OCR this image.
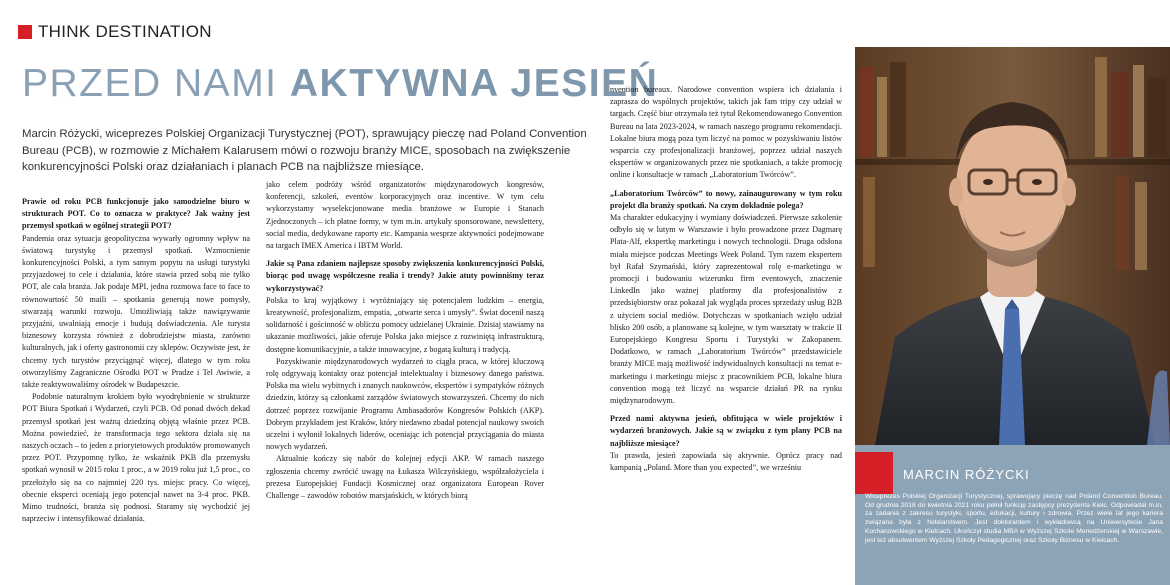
THINK DESTINATION
PRZED NAMI AKTYWNA JESIEŃ

Marcin Różycki, wiceprezes Polskiej Organizacji Turystycznej (POT), sprawujący pieczę nad Poland Convention Bureau (PCB), w rozmowie z Michałem Kalarusem mówi o rozwoju branży MICE, sposobach na zwiększenie konkurencyjności Polski oraz działaniach i planach PCB na najbliższe miesiące.

Prawie od roku PCB funkcjonuje jako samodzielne biuro w strukturach POT. Co to oznacza w praktyce? Jak ważny jest przemysł spotkań w ogólnej strategii POT?

Pandemia oraz sytuacja geopolityczna wywarły ogromny wpływ na światową turystykę i przemysł spotkań. Wzmocnienie konkurencyjności Polski, a tym samym popytu na usługi turystyki przyjazdowej to cele i działania, które stawia przed sobą nie tylko POT, ale cała branża. Jak podaje MPI, jedna rozmowa face to face to równowartość 50 maili – spotkania generują nowe pomysły, stwarzają warunki rozwoju. Umożliwiają także nawiązywanie przyjaźni, uwalniają emocje i budują doświadczenia. Ale turysta biznesowy korzysta również z dobrodziejstw miasta, zarówno kulturalnych, jak i oferty gastronomii czy sklepów. Oczywiste jest, że chcemy tych turystów przyciągnąć więcej, dlatego w tym roku otworzyliśmy Zagraniczne Ośrodki POT w Pradze i Tel Awiwie, a także reaktywowaliśmy ośrodek w Budapeszcie.

Podobnie naturalnym krokiem było wyodrębnienie w strukturze POT Biura Spotkań i Wydarzeń, czyli PCB. Od ponad dwóch dekad przemysł spotkań jest ważną dziedziną objętą właśnie przez PCB. Można powiedzieć, że transformacja tego sektora działa się na naszych oczach – to jeden z priorytetowych produktów promowanych przez POT. Przypomnę tylko, że wskaźnik PKB dla przemysłu spotkań wynosił w 2015 roku 1 proc., a w 2019 roku już 1,5 proc., co przełożyło się na co najmniej 220 tys. miejsc pracy. Co więcej, obecnie eksperci oceniają jego potencjał nawet na 3-4 proc. PKB. Mimo trudności, branża się podnosi. Staramy się wychodzić jej naprzeciw i intensyfikować działania.

jako celem podróży wśród organizatorów międzynarodowych kongresów, konferencji, szkoleń, eventów korporacyjnych oraz incentive. W tym celu wykorzystamy wyselekcjonowane media branżowe w Europie i Stanach Zjednoczonych – ich płatne formy, w tym m.in. artykuły sponsorowane, newslettery, social media, dedykowane raporty etc. Kampania wesprze aktywności podejmowane na targach IMEX America i IBTM World.

Jakie są Pana zdaniem najlepsze sposoby zwiększenia konkurencyjności Polski, biorąc pod uwagę współczesne realia i trendy? Jakie atuty powinniśmy teraz wykorzystywać?

Polska to kraj wyjątkowy i wyróżniający się potencjałem ludzkim – energia, kreatywność, profesjonalizm, empatia, „otwarte serca i umysły”. Świat docenił naszą solidarność i gościnność w obliczu pomocy udzielanej Ukrainie. Dzisiaj stawiamy na ukazanie możliwości, jakie oferuje Polska jako miejsce z rozwiniętą infrastrukturą, dostępne komunikacyjnie, a także innowacyjne, z bogatą kulturą i tradycją.

Pozyskiwanie międzynarodowych wydarzeń to ciągła praca, w której kluczową rolę odgrywają kontakty oraz potencjał intelektualny i biznesowy danego państwa. Polska ma wielu wybitnych i znanych naukowców, ekspertów i sympatyków różnych dziedzin, którzy są członkami zarządów światowych stowarzyszeń. Chcemy do nich dotrzeć poprzez rozwijanie Programu Ambasadorów Kongresów Polskich (AKP). Dobrym przykładem jest Kraków, który niedawno zbadał potencjał naukowy swoich uczelni i wyłonił lokalnych liderów, oceniając ich potencjał przyciągania do miasta nowych wydarzeń.

Aktualnie kończy się nabór do kolejnej edycji AKP. W ramach naszego zgłoszenia chcemy zwrócić uwagę na Łukasza Wilczyńskiego, współzałożyciela i prezesa Europejskiej Fundacji Kosmicznej oraz organizatora European Rover Challenge – zawodów robotów marsjańskich, w których biorą

nvention bureaux. Narodowe convention wspiera ich działania i zaprasza do wspólnych projektów, takich jak fam tripy czy udział w targach. Część biur otrzymała też tytuł Rekomendowanego Convention Bureau na lata 2023-2024, w ramach naszego programu rekomendacji. Lokalne biura mogą poza tym liczyć na pomoc w pozyskiwaniu listów wsparcia czy profesjonalizacji branżowej, poprzez udział naszych ekspertów w organizowanych przez nie spotkaniach, a także promocję online i konsultacje w ramach „Laboratorium Twórców”.

„Laboratorium Twórców” to nowy, zainaugurowany w tym roku projekt dla branży spotkań. Na czym dokładnie polega?

Ma charakter edukacyjny i wymiany doświadczeń. Pierwsze szkolenie odbyło się w lutym w Warszawie i było prowadzone przez Dagmarę Plata-Alf, ekspertkę marketingu i nowych technologii. Druga odsłona miała miejsce podczas Meetings Week Poland. Tym razem ekspertem był Rafał Szymański, który zaprezentował rolę e-marketingu w promocji i budowaniu wizerunku firm eventowych, znaczenie LinkedIn jako ważnej platformy dla profesjonalistów z przedsiębiorstw oraz pokazał jak wygląda proces sprzedaży usług B2B z użyciem social mediów. Dotychczas w spotkaniach wzięło udział blisko 200 osób, a planowane są kolejne, w tym warsztaty w trakcie II Europejskiego Kongresu Sportu i Turystyki w Zakopanem. Dodatkowo, w ramach „Laboratorium Twórców” przedstawiciele branży MICE mają możliwość indywidualnych konsultacji na temat e-marketingu i marketingu miejsc z pracownikiem PCB, lokalne biura convention mogą też liczyć na wsparcie działań PR na rynku międzynarodowym.

Przed nami aktywna jesień, obfitująca w wiele projektów i wydarzeń branżowych. Jakie są w związku z tym plany PCB na najbliższe miesiące?

To prawda, jesień zapowiada się aktywnie. Oprócz pracy nad kampanią „Poland. More than you expected”, we wrześniu	MARCIN RÓŻYCKI
Wiceprezes Polskiej Organizacji Turystycznej, sprawujący pieczę nad Poland Convention Bureau. Od grudnia 2018 do kwietnia 2021 roku pełnił funkcję zastępcy prezydenta Kielc. Odpowiadał m.in. za zadania z zakresu turystyki, sportu, edukacji, kultury i zdrowia. Przez wiele lat jego kariera związana była z hotelarstwem. Jest doktorantem i wykładowcą na Uniwersytecie Jana Kochanowskiego w Kielcach. Ukończył studia MBA w Wyższej Szkole Menedżerskiej w Warszawie, jest też absolwentem Wyższej Szkoły Pedagogicznej oraz Szkoły Biznesu w Kielcach.
